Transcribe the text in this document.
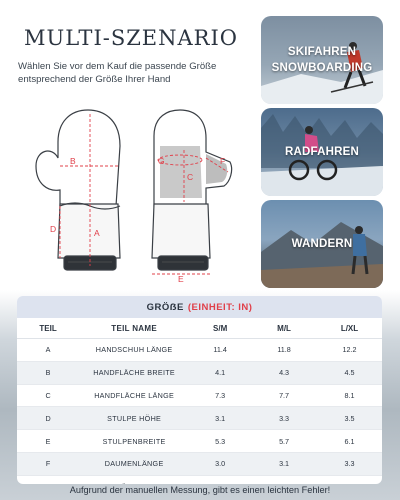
MULTI-SZENARIO

Wählen Sie vor dem Kauf die passende Größe entsprechend der Größe Ihrer Hand

A
B
C
D
E
F
G
SKIFAHREN
SNOWBOARDING
RADFAHREN
WANDERN
GRÖẞE (EINHEIT: IN)
TEIL	TEIL NAME	S/M	M/L	L/XL
A	HANDSCHUH LÄNGE	11.4	11.8	12.2
B	HANDFLÄCHE BREITE	4.1	4.3	4.5
C	HANDFLÄCHE LÄNGE	7.3	7.7	8.1
D	STULPE HÖHE	3.1	3.3	3.5
E	STULPENBREITE	5.3	5.7	6.1
F	DAUMENLÄNGE	3.0	3.1	3.3

Aufgrund der manuellen Messung, gibt es einen leichten Fehler!
